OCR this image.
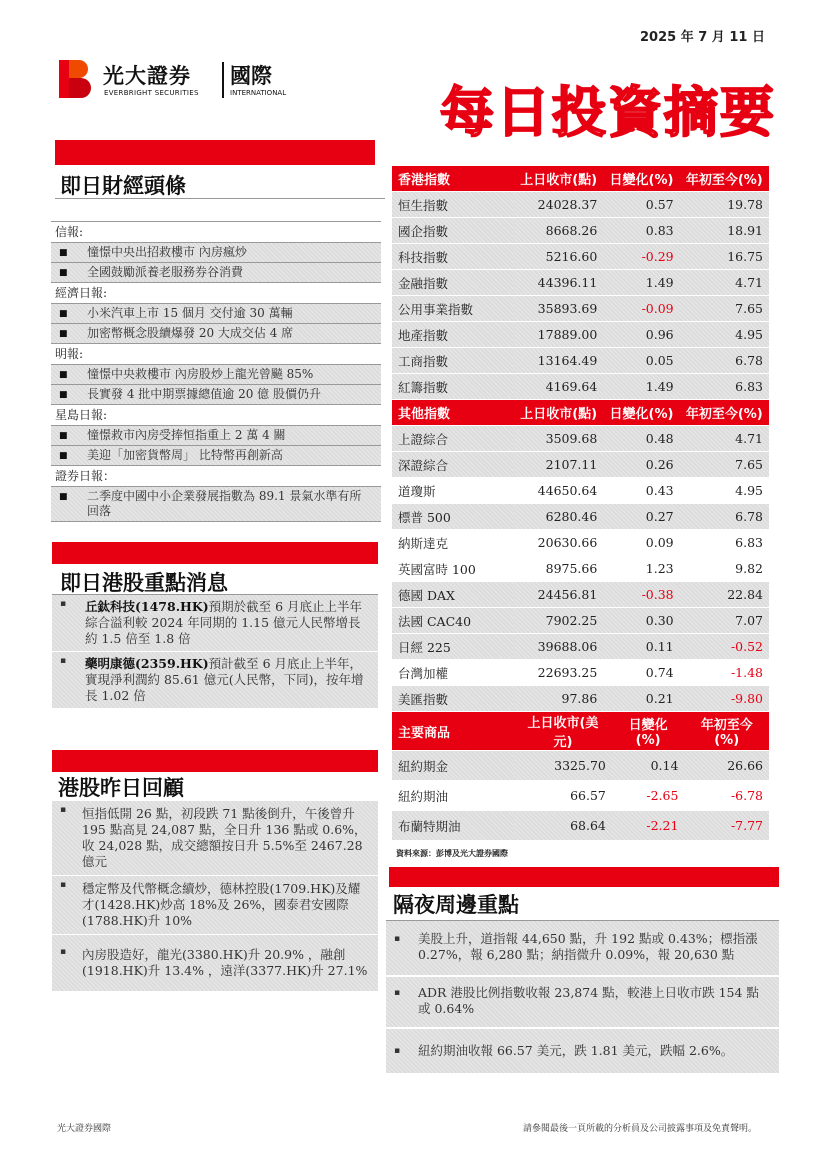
2025 年 7 月 11 日
光大證券 國際
EVERBRIGHT SECURITIES	INTERNATIONAL	每日投資摘要
即日財經頭條
信報:
■ 憧憬中央出招救樓市 內房瘋炒
■ 全國鼓勵派養老服務券谷消費
經濟日報:
■ 小米汽車上市 15 個月 交付逾 30 萬輛
■ 加密幣概念股續爆發 20 大成交佔 4 席
明報:
■ 憧憬中央救樓市 內房股炒上龍光曾飈 85%
■ 長實發 4 批中期票據總值逾 20 億 股價仍升
星島日報:
■ 憧憬救市內房受捧恒指重上 2 萬 4 關
■ 美迎「加密貨幣周」 比特幣再創新高
證券日報：
■ 二季度中國中小企業發展指數為 89.1 景氣水準有所回落
即日港股重點消息
▪ 丘鈦科技(1478.HK)預期於截至 6 月底止上半年綜合溢利較 2024 年同期的 1.15 億元人民幣增長約 1.5 倍至 1.8 倍
▪ 藥明康德(2359.HK)預計截至 6 月底止上半年，實現淨利潤約 85.61 億元(人民幣，下同)，按年增長 1.02 倍
港股昨日回顧
▪ 恒指低開 26 點，初段跌 71 點後倒升，午後曾升 195 點高見 24,087 點，全日升 136 點或 0.6%，收 24,028 點，成交總額按日升 5.5%至 2467.28 億元
▪ 穩定幣及代幣概念續炒，德林控股(1709.HK)及耀才(1428.HK)炒高 18%及 26%，國泰君安國際(1788.HK)升 10%
▪ 內房股造好，龍光(3380.HK)升 20.9% ，融創(1918.HK)升 13.4% ，遠洋(3377.HK)升 27.1%
香港指數	上日收市(點)	日變化(%)	年初至今(%)
恒生指數	24028.37	0.57	19.78
國企指數	8668.26	0.83	18.91
科技指數	5216.60	-0.29	16.75
金融指數	44396.11	1.49	4.71
公用事業指數	35893.69	-0.09	7.65
地產指數	17889.00	0.96	4.95
工商指數	13164.49	0.05	6.78
紅籌指數	4169.64	1.49	6.83
其他指數	上日收市(點)	日變化(%)	年初至今(%)
上證綜合	3509.68	0.48	4.71
深證綜合	2107.11	0.26	7.65
道瓊斯	44650.64	0.43	4.95
標普 500	6280.46	0.27	6.78
納斯達克	20630.66	0.09	6.83
英國富時 100	8975.66	1.23	9.82
德國 DAX	24456.81	-0.38	22.84
法國 CAC40	7902.25	0.30	7.07
日經 225	39688.06	0.11	-0.52
台灣加權	22693.25	0.74	-1.48
美匯指數	97.86	0.21	-9.80
主要商品	上日收市(美元)	日變化(%)	年初至今(%)
紐約期金	3325.70	0.14	26.66
紐約期油	66.57	-2.65	-6.78
布蘭特期油	68.64	-2.21	-7.77
資料來源：彭博及光大證券國際
隔夜周邊重點
▪ 美股上升，道指報 44,650 點，升 192 點或 0.43%；標指漲 0.27%，報 6,280 點；納指微升 0.09%，報 20,630 點
▪ ADR 港股比例指數收報 23,874 點，較港上日收市跌 154 點或 0.64%
▪ 紐約期油收報 66.57 美元，跌 1.81 美元，跌幅 2.6%。
光大證券國際	請參閱最後一頁所載的分析員及公司披露事項及免責聲明。
